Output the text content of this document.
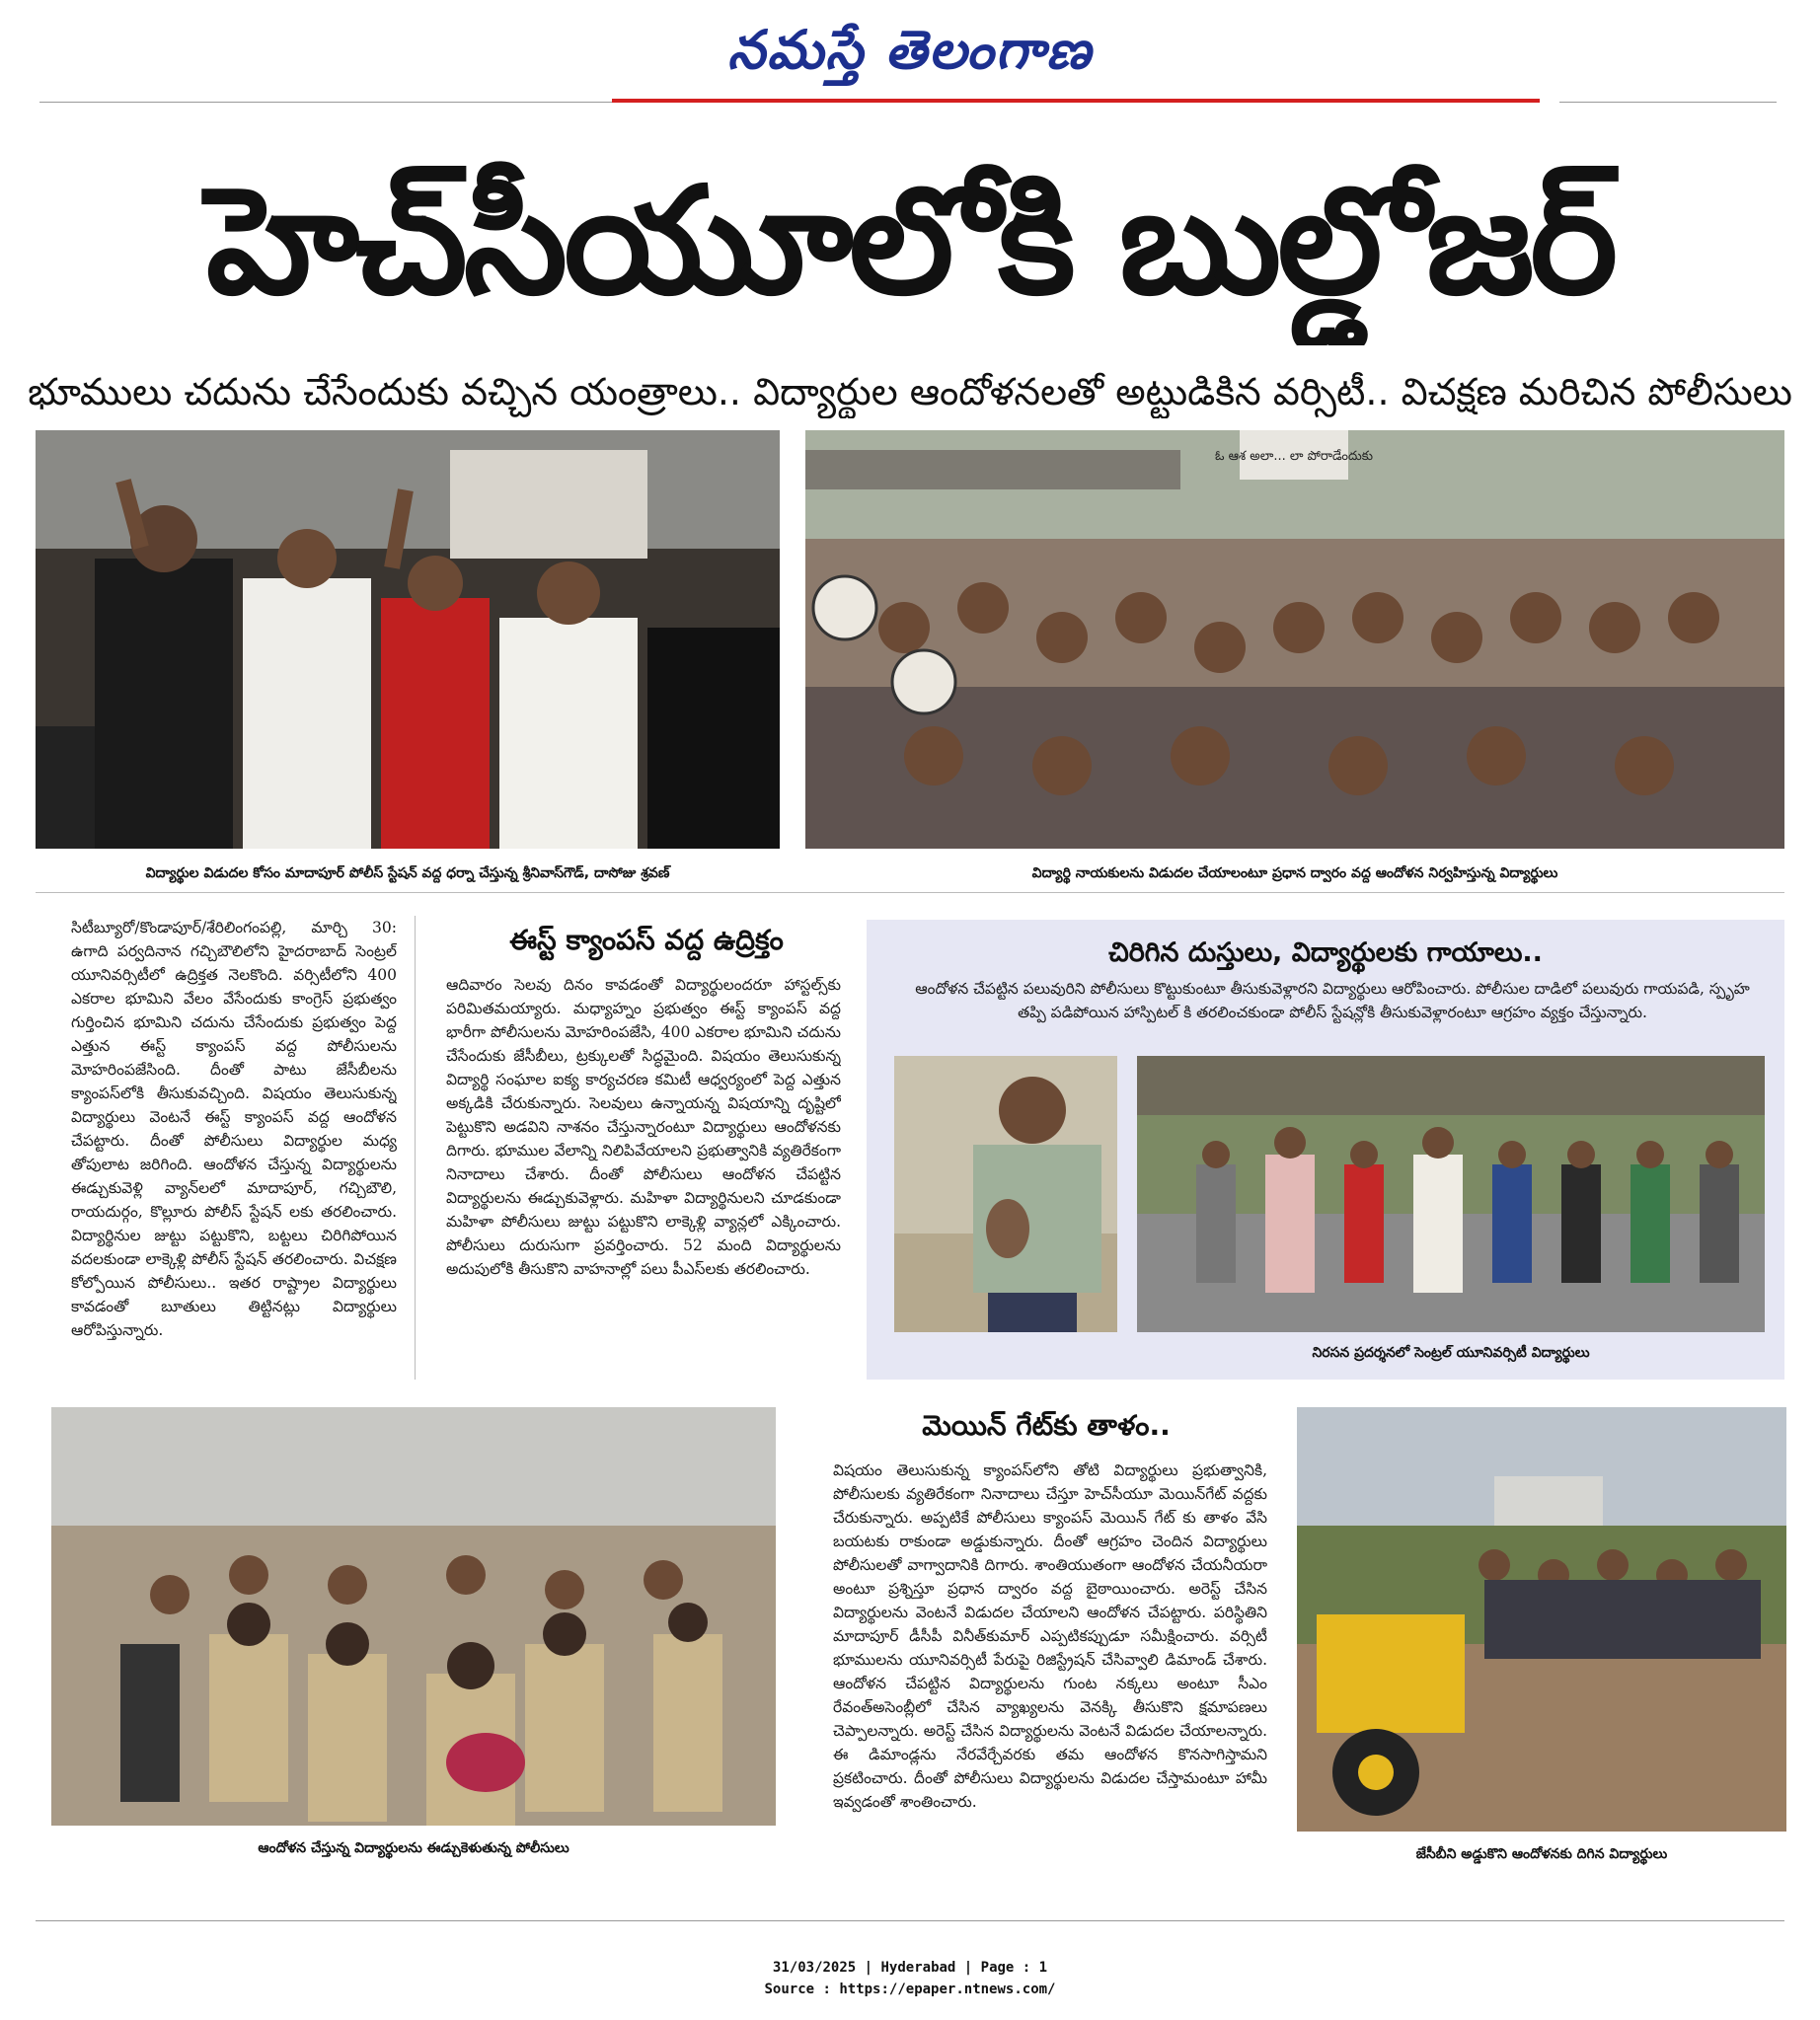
నమస్తే తెలంగాణ
హెచ్‌సీయూలోకి బుల్డోజర్
భూములు చదును చేసేందుకు వచ్చిన యంత్రాలు.. విద్యార్థుల ఆందోళనలతో అట్టుడికిన వర్సిటీ.. విచక్షణ మరిచిన పోలీసులు
విద్యార్థుల విడుదల కోసం మాదాపూర్ పోలీస్ స్టేషన్ వద్ద ధర్నా చేస్తున్న శ్రీనివాస్‌గౌడ్, దాసోజు శ్రవణ్
ఓ ఆశ అలా... లా పోరాడేందుకు
విద్యార్థి నాయకులను విడుదల చేయాలంటూ ప్రధాన ద్వారం వద్ద ఆందోళన నిర్వహిస్తున్న విద్యార్థులు
సిటీబ్యూరో/కొండాపూర్/శేరిలింగంపల్లి, మార్చి 30: ఉగాది పర్వదినాన గచ్చిబౌలిలోని హైదరాబాద్ సెంట్రల్ యూనివర్సిటీలో ఉద్రిక్తత నెలకొంది. వర్సిటీలోని 400 ఎకరాల భూమిని వేలం వేసేందుకు కాంగ్రెస్ ప్రభుత్వం గుర్తించిన భూమిని చదును చేసేందుకు ప్రభుత్వం పెద్ద ఎత్తున ఈస్ట్ క్యాంపస్ వద్ద పోలీసులను మోహరింపజేసింది. దీంతో పాటు జేసీబీలను క్యాంపస్‌లోకి తీసుకువచ్చింది. విషయం తెలుసుకున్న విద్యార్థులు వెంటనే ఈస్ట్ క్యాంపస్ వద్ద ఆందోళన చేపట్టారు. దీంతో పోలీసులు విద్యార్థుల మధ్య తోపులాట జరిగింది. ఆందోళన చేస్తున్న విద్యార్థులను ఈడ్చుకువెళ్లి వ్యాన్‌లలో మాదాపూర్, గచ్చిబౌలి, రాయదుర్గం, కొల్లూరు పోలీస్ స్టేషన్ లకు తరలించారు. విద్యార్థినుల జుట్టు పట్టుకొని, బట్టలు చిరిగిపోయిన వదలకుండా లాక్కెళ్లి పోలీస్ స్టేషన్ తరలించారు. విచక్షణ కోల్పోయిన పోలీసులు.. ఇతర రాష్ట్రాల విద్యార్థులు కావడంతో బూతులు తిట్టినట్లు విద్యార్థులు ఆరోపిస్తున్నారు.
ఈస్ట్ క్యాంపస్ వద్ద ఉద్రిక్తం
ఆదివారం సెలవు దినం కావడంతో విద్యార్థులందరూ హాస్టల్స్‌కు పరిమితమయ్యారు. మధ్యాహ్నం ప్రభుత్వం ఈస్ట్ క్యాంపస్ వద్ద భారీగా పోలీసులను మోహరింపజేసి, 400 ఎకరాల భూమిని చదును చేసేందుకు జేసీబీలు, ట్రక్కులతో సిద్ధమైంది. విషయం తెలుసుకున్న విద్యార్థి సంఘాల ఐక్య కార్యచరణ కమిటీ ఆధ్వర్యంలో పెద్ద ఎత్తున అక్కడికి చేరుకున్నారు. సెలవులు ఉన్నాయన్న విషయాన్ని దృష్టిలో పెట్టుకొని అడవిని నాశనం చేస్తున్నారంటూ విద్యార్థులు ఆందోళనకు దిగారు. భూముల వేలాన్ని నిలిపివేయాలని ప్రభుత్వానికి వ్యతిరేకంగా నినాదాలు చేశారు. దీంతో పోలీసులు ఆందోళన చేపట్టిన విద్యార్థులను ఈడ్చుకువెళ్లారు. మహిళా విద్యార్థినులని చూడకుండా మహిళా పోలీసులు జుట్టు పట్టుకొని లాక్కెళ్లి వ్యాన్లలో ఎక్కించారు. పోలీసులు దురుసుగా ప్రవర్తించారు. 52 మంది విద్యార్థులను అదుపులోకి తీసుకొని వాహనాల్లో పలు పీఎస్‌లకు తరలించారు.
చిరిగిన దుస్తులు, విద్యార్థులకు గాయాలు..
ఆందోళన చేపట్టిన పలువురిని పోలీసులు కొట్టుకుంటూ తీసుకువెళ్లారని విద్యార్థులు ఆరోపించారు. పోలీసుల దాడిలో పలువురు గాయపడి, స్పృహ తప్పి పడిపోయిన హాస్పిటల్ కి తరలించకుండా పోలీస్ స్టేషన్లోకి తీసుకువెళ్లారంటూ ఆగ్రహం వ్యక్తం చేస్తున్నారు.
నిరసన ప్రదర్శనలో సెంట్రల్ యూనివర్సిటీ విద్యార్థులు
ఆందోళన చేస్తున్న విద్యార్థులను ఈడ్చుకెళుతున్న పోలీసులు
మెయిన్ గేట్‌కు తాళం..
విషయం తెలుసుకున్న క్యాంపస్‌లోని తోటి విద్యార్థులు ప్రభుత్వానికి, పోలీసులకు వ్యతిరేకంగా నినాదాలు చేస్తూ హెచ్‌సీయూ మెయిన్‌గేట్ వద్దకు చేరుకున్నారు. అప్పటికే పోలీసులు క్యాంపస్ మెయిన్ గేట్ కు తాళం వేసి బయటకు రాకుండా అడ్డుకున్నారు. దీంతో ఆగ్రహం చెందిన విద్యార్థులు పోలీసులతో వాగ్వాదానికి దిగారు. శాంతియుతంగా ఆందోళన చేయనీయరా అంటూ ప్రశ్నిస్తూ ప్రధాన ద్వారం వద్ద బైఠాయించారు. అరెస్ట్ చేసిన విద్యార్థులను వెంటనే విడుదల చేయాలని ఆందోళన చేపట్టారు. పరిస్థితిని మాదాపూర్ డీసీపీ వినీత్‌కుమార్ ఎప్పటికప్పుడూ సమీక్షించారు. వర్సిటీ భూములను యూనివర్సిటీ పేరుపై రిజిస్ట్రేషన్ చేసివ్వాలి డిమాండ్ చేశారు. ఆందోళన చేపట్టిన విద్యార్థులను గుంట నక్కలు అంటూ సీఎం రేవంత్‌అసెంబ్లీలో చేసిన వ్యాఖ్యలను వెనక్కి తీసుకొని క్షమాపణలు చెప్పాలన్నారు. అరెస్ట్ చేసిన విద్యార్థులను వెంటనే విడుదల చేయాలన్నారు. ఈ డిమాండ్లను నేరవేర్చేవరకు తమ ఆందోళన కొనసాగిస్తామని ప్రకటించారు. దీంతో పోలీసులు విద్యార్థులను విడుదల చేస్తామంటూ హామీ ఇవ్వడంతో శాంతించారు.
జేసీబీని అడ్డుకొని ఆందోళనకు దిగిన విద్యార్థులు
31/03/2025 | Hyderabad | Page : 1
Source : https://epaper.ntnews.com/
